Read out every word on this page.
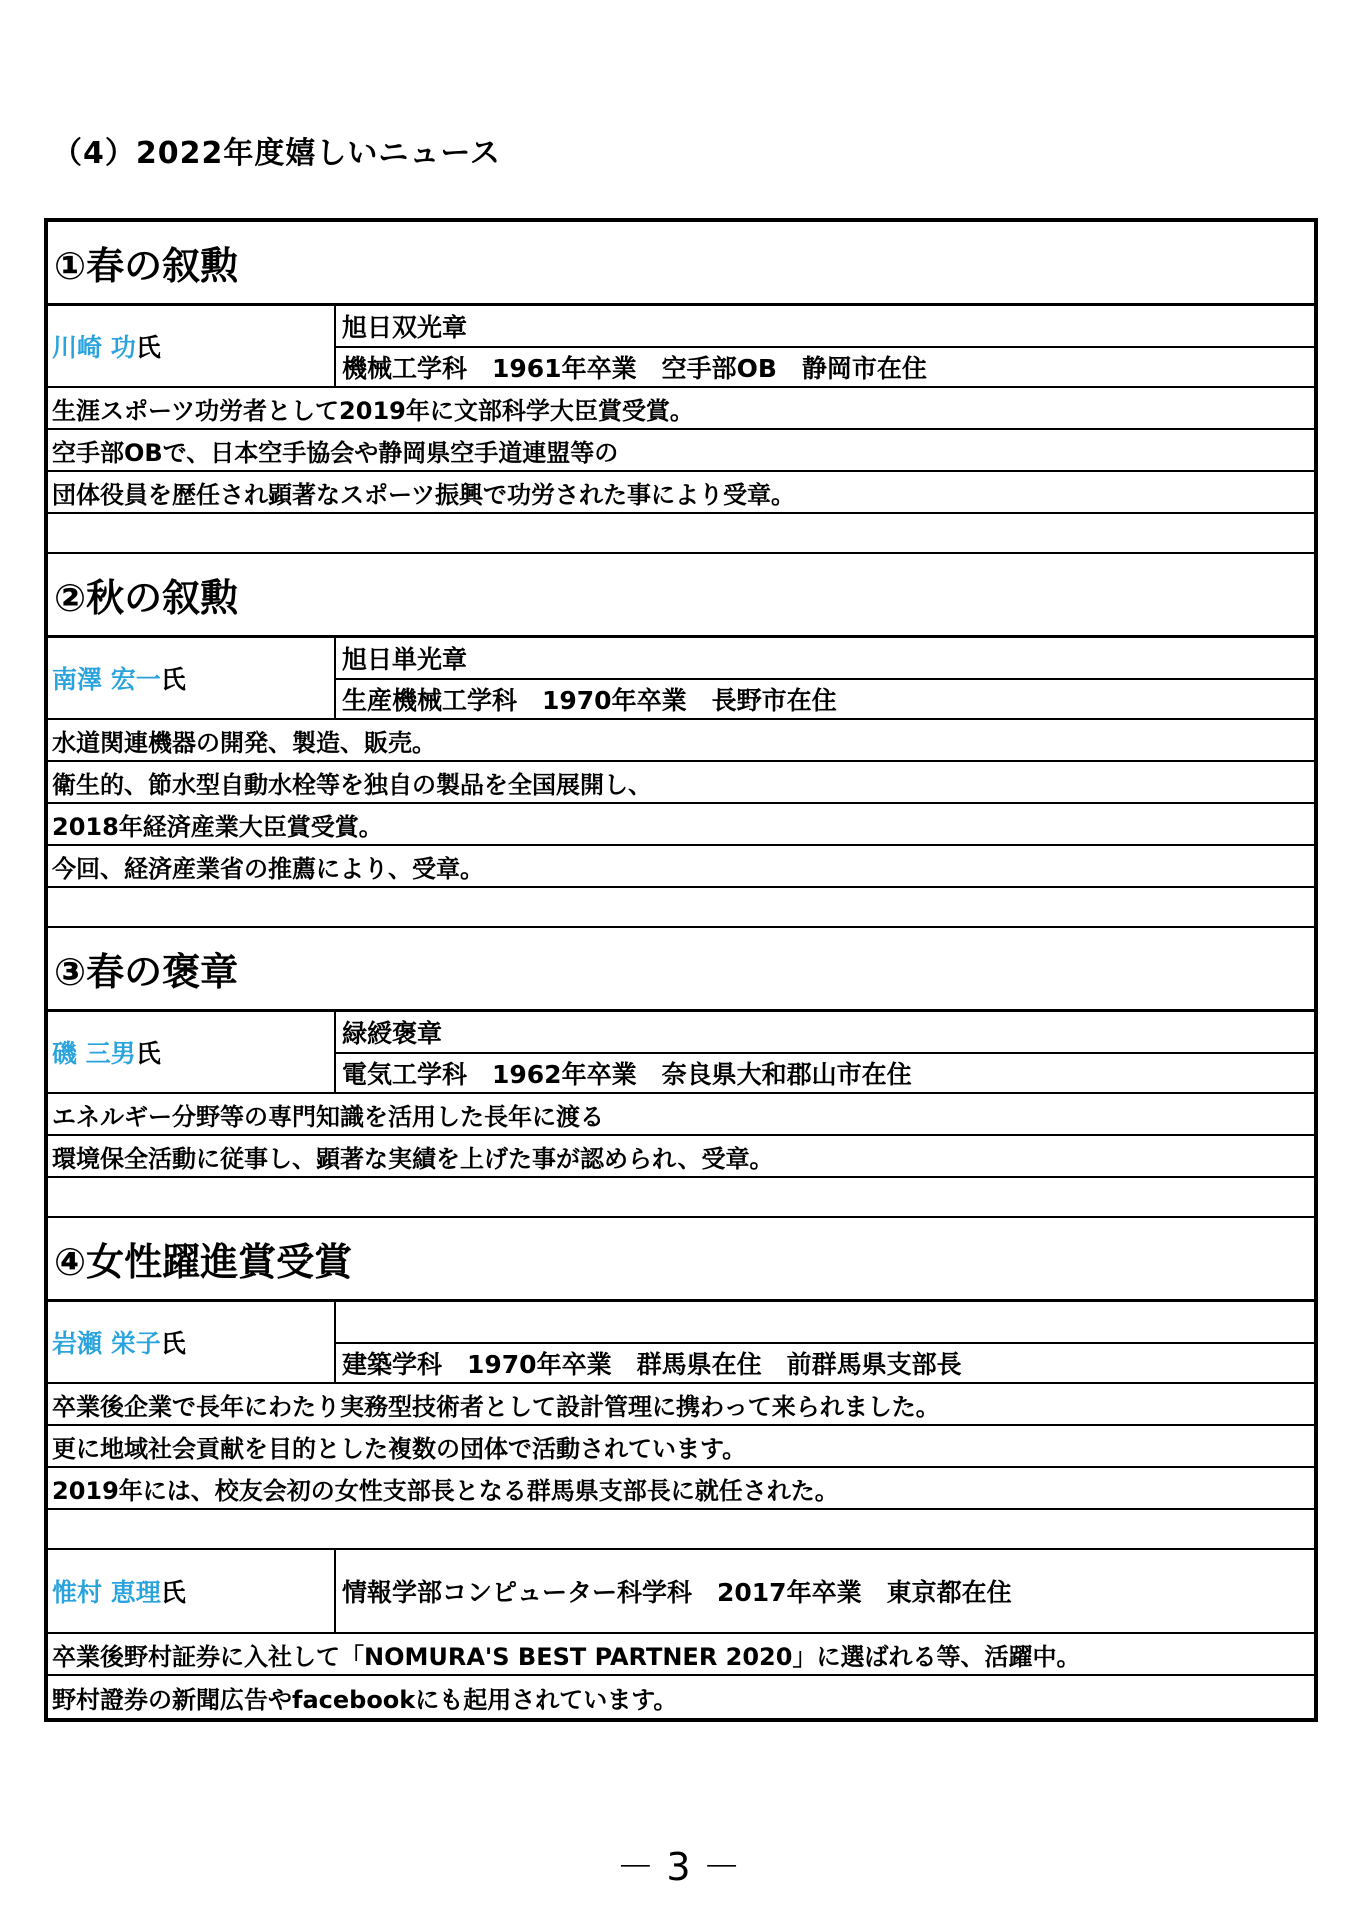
（4）2022年度嬉しいニュース
①春の叙勲
川崎 功 氏
旭日双光章
機械工学科　1961年卒業　空手部OB　静岡市在住
生涯スポーツ功労者として2019年に文部科学大臣賞受賞。
空手部OBで、日本空手協会や静岡県空手道連盟等の
団体役員を歴任され顕著なスポーツ振興で功労された事により受章。
②秋の叙勲
南澤 宏一 氏
旭日単光章
生産機械工学科　1970年卒業　長野市在住
水道関連機器の開発、製造、販売。
衛生的、節水型自動水栓等を独自の製品を全国展開し、
2018年経済産業大臣賞受賞。
今回、経済産業省の推薦により、受章。
③春の褒章
磯 三男 氏
緑綬褒章
電気工学科　1962年卒業　奈良県大和郡山市在住
エネルギー分野等の専門知識を活用した長年に渡る
環境保全活動に従事し、顕著な実績を上げた事が認められ、受章。
④女性躍進賞受賞
岩瀬 栄子 氏
建築学科　1970年卒業　群馬県在住　前群馬県支部長
卒業後企業で長年にわたり実務型技術者として設計管理に携わって来られました。
更に地域社会貢献を目的とした複数の団体で活動されています。
2019年には、校友会初の女性支部長となる群馬県支部長に就任された。
惟村 恵理 氏	情報学部コンピューター科学科　2017年卒業　東京都在住
卒業後野村証券に入社して「NOMURA'S BEST PARTNER 2020」に選ばれる等、活躍中。
野村證券の新聞広告やfacebookにも起用されています。
－ 3 －
